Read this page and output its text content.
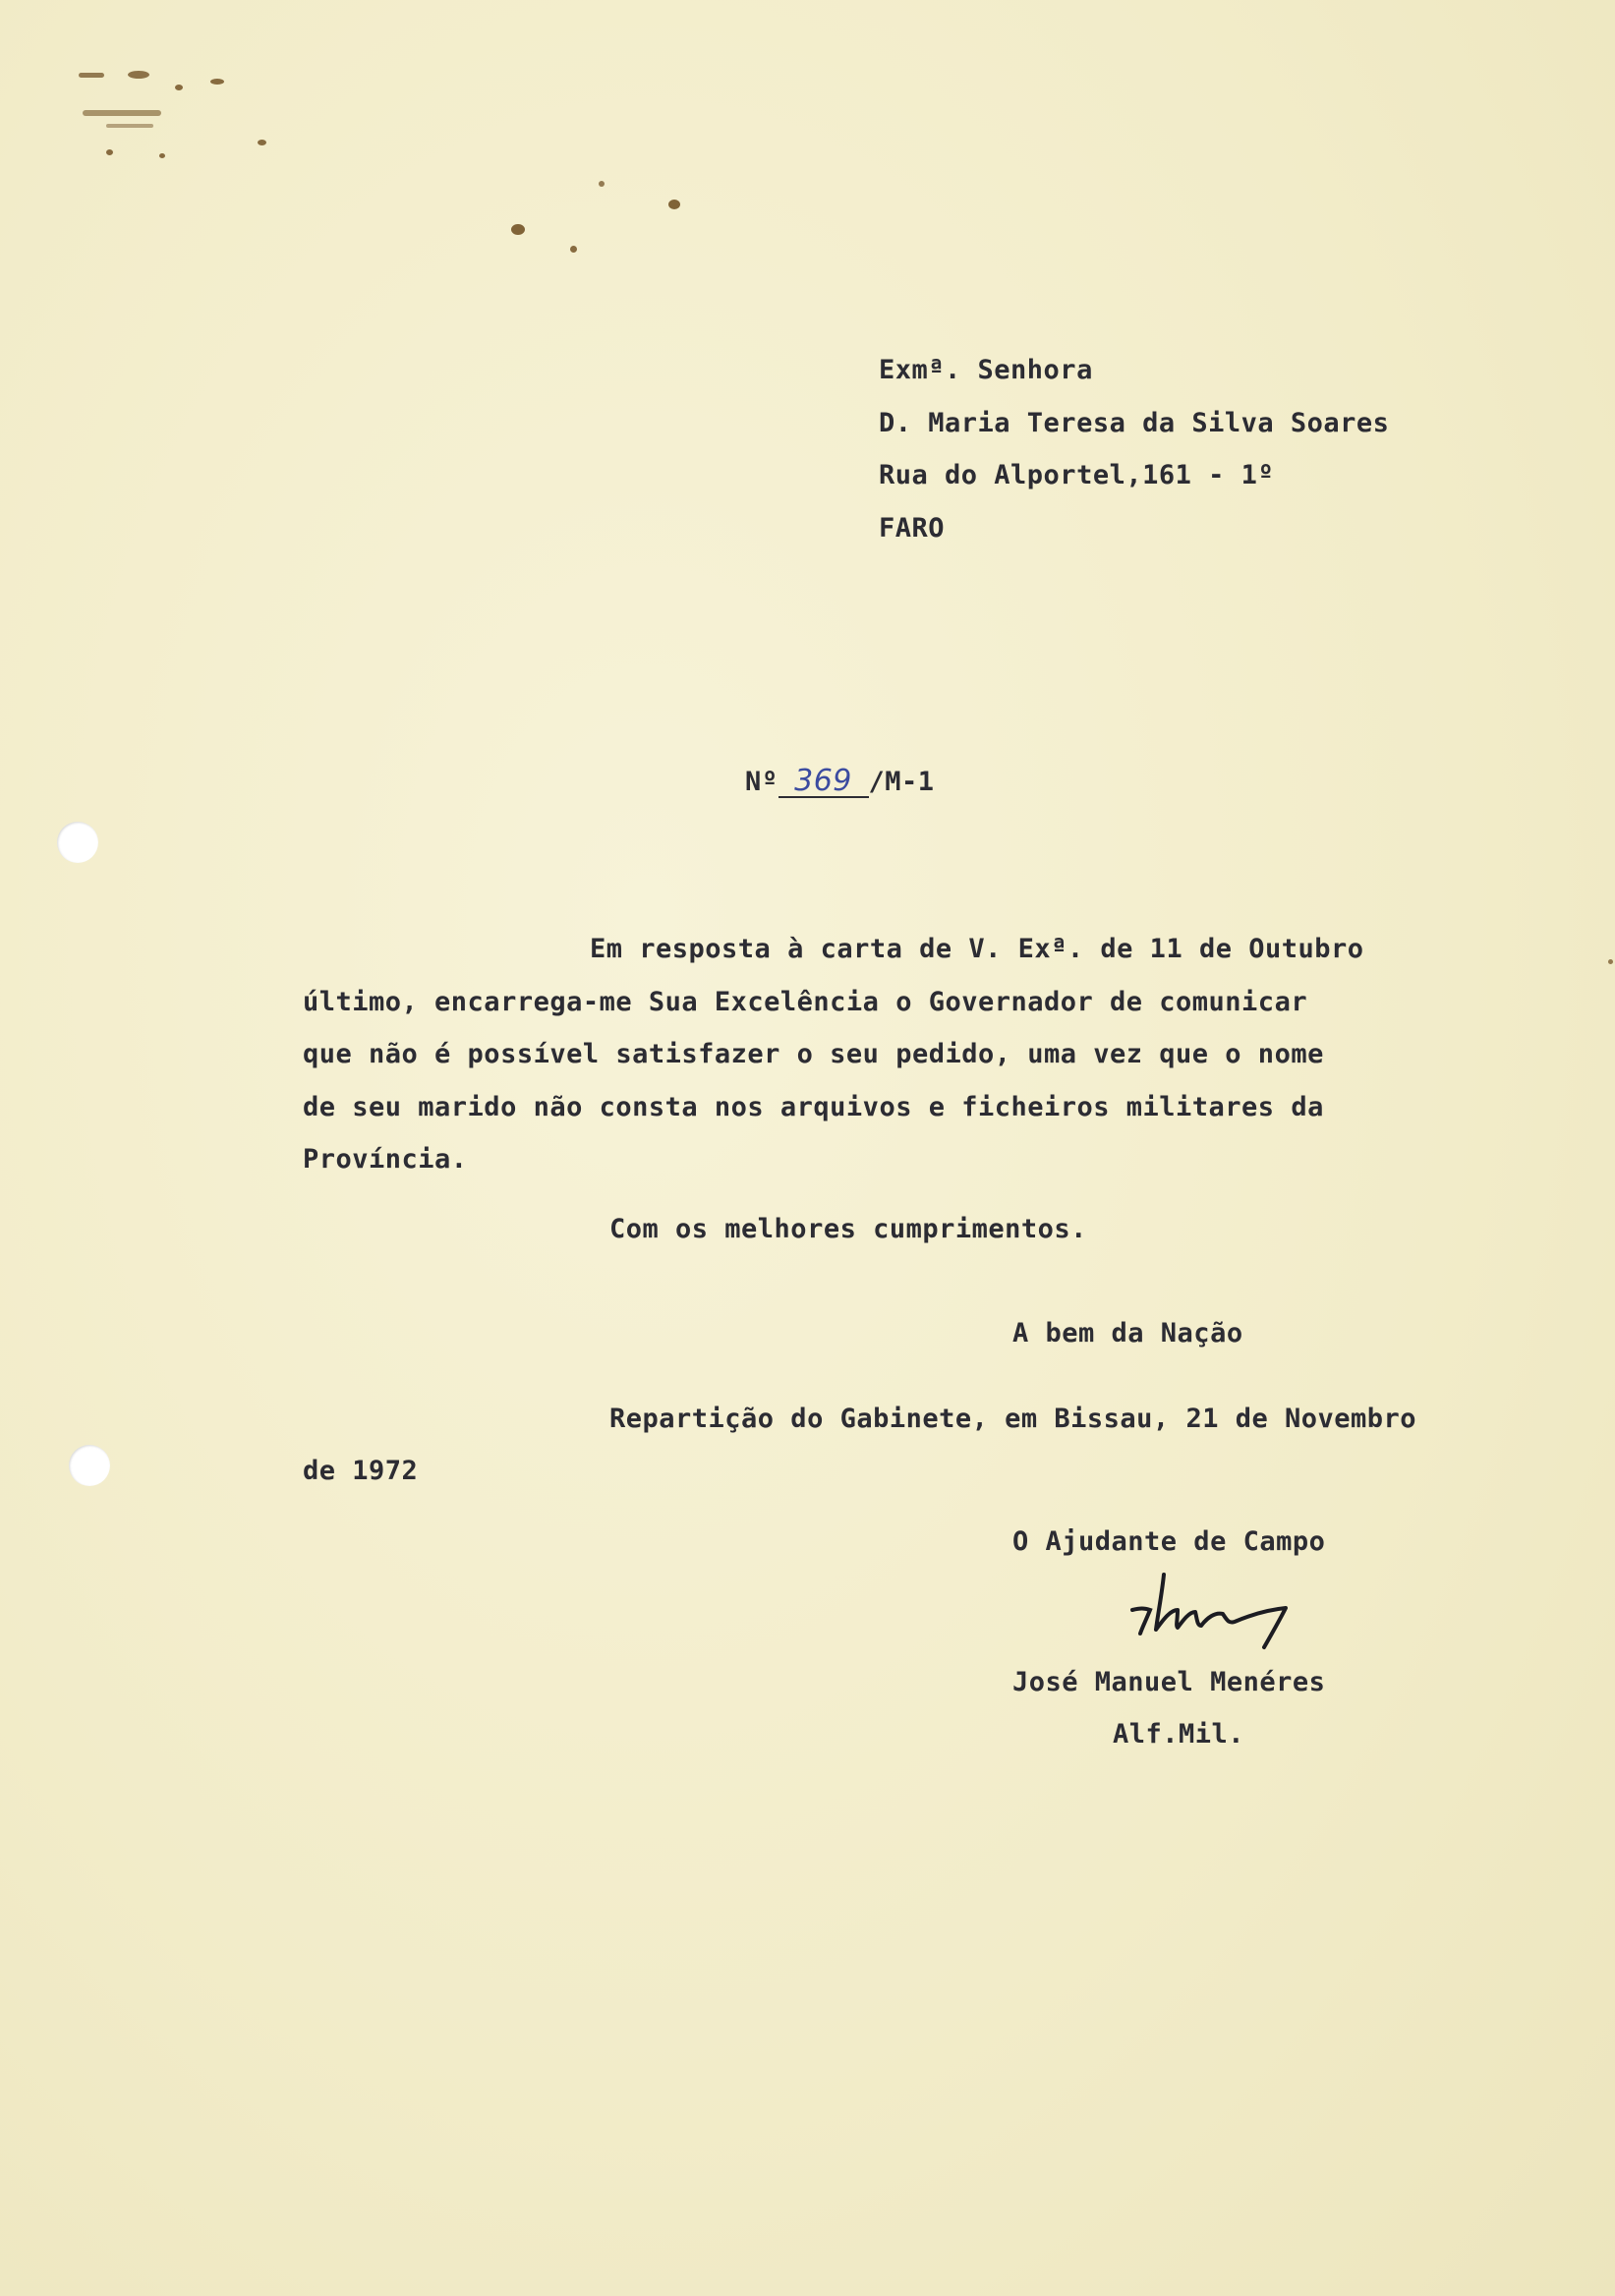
Exmª. Senhora
D. Maria Teresa da Silva Soares
Rua do Alportel,161 - 1º
FARO
Nº 369 /M-1
Em resposta à carta de V. Exª. de 11 de Outubro
último, encarrega-me Sua Excelência o Governador de comunicar
que não é possível satisfazer o seu pedido, uma vez que o nome
de seu marido não consta nos arquivos e ficheiros militares da
Província.
Com os melhores cumprimentos.
A bem da Nação
Repartição do Gabinete, em Bissau, 21 de Novembro
de 1972
O Ajudante de Campo
José Manuel Menéres
Alf.Mil.
